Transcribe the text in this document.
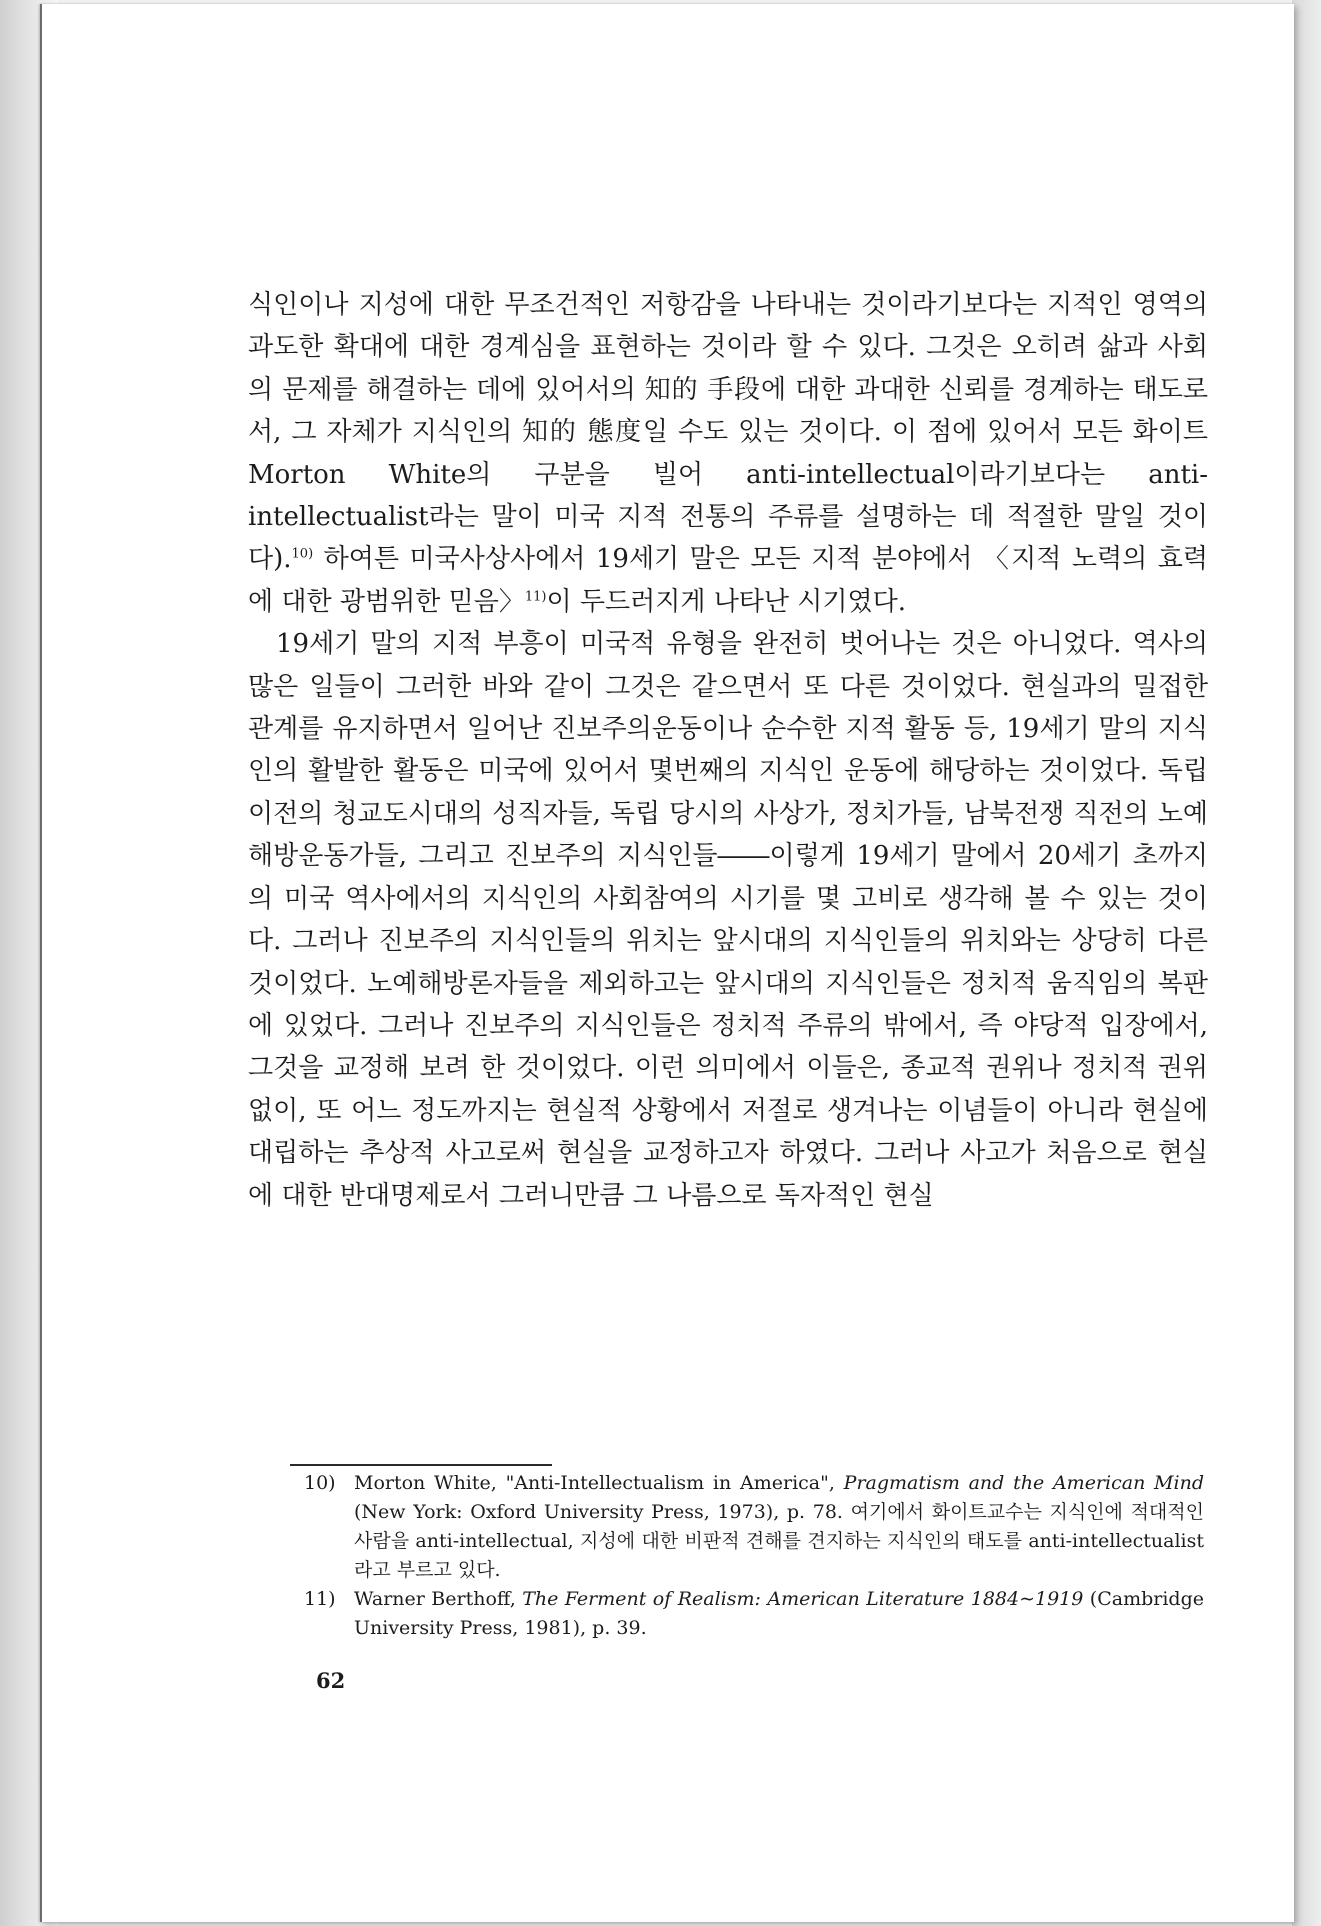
식인이나 지성에 대한 무조건적인 저항감을 나타내는 것이라기보다는 지적인 영역의 과도한 확대에 대한 경계심을 표현하는 것이라 할 수 있다. 그것은 오히려 삶과 사회의 문제를 해결하는 데에 있어서의 知的 手段에 대한 과대한 신뢰를 경계하는 태도로서, 그 자체가 지식인의 知的 態度일 수도 있는 것이다. 이 점에 있어서 모든 화이트 Morton White의 구분을 빌어 anti-intellectual이라기보다는 anti-intellectualist라는 말이 미국 지적 전통의 주류를 설명하는 데 적절한 말일 것이다).$^{10)}$ 하여튼 미국사상사에서 19세기 말은 모든 지적 분야에서 〈지적 노력의 효력에 대한 광범위한 믿음〉$^{11)}$이 두드러지게 나타난 시기였다.

19세기 말의 지적 부흥이 미국적 유형을 완전히 벗어나는 것은 아니었다. 역사의 많은 일들이 그러한 바와 같이 그것은 같으면서 또 다른 것이었다. 현실과의 밀접한 관계를 유지하면서 일어난 진보주의운동이나 순수한 지적 활동 등, 19세기 말의 지식인의 활발한 활동은 미국에 있어서 몇번째의 지식인 운동에 해당하는 것이었다. 독립 이전의 청교도시대의 성직자들, 독립 당시의 사상가, 정치가들, 남북전쟁 직전의 노예해방운동가들, 그리고 진보주의 지식인들――이렇게 19세기 말에서 20세기 초까지의 미국 역사에서의 지식인의 사회참여의 시기를 몇 고비로 생각해 볼 수 있는 것이다. 그러나 진보주의 지식인들의 위치는 앞시대의 지식인들의 위치와는 상당히 다른 것이었다. 노예해방론자들을 제외하고는 앞시대의 지식인들은 정치적 움직임의 복판에 있었다. 그러나 진보주의 지식인들은 정치적 주류의 밖에서, 즉 야당적 입장에서, 그것을 교정해 보려 한 것이었다. 이런 의미에서 이들은, 종교적 권위나 정치적 권위 없이, 또 어느 정도까지는 현실적 상황에서 저절로 생겨나는 이념들이 아니라 현실에 대립하는 추상적 사고로써 현실을 교정하고자 하였다. 그러나 사고가 처음으로 현실에 대한 반대명제로서 그러니만큼 그 나름으로 독자적인 현실

10) Morton White, "Anti-Intellectualism in America", Pragmatism and the American Mind (New York: Oxford University Press, 1973), p. 78. 여기에서 화이트교수는 지식인에 적대적인 사람을 anti-intellectual, 지성에 대한 비판적 견해를 견지하는 지식인의 태도를 anti-intellectualist 라고 부르고 있다.

11) Warner Berthoff, The Ferment of Realism: American Literature 1884∼1919 (Cambridge University Press, 1981), p. 39.

62
